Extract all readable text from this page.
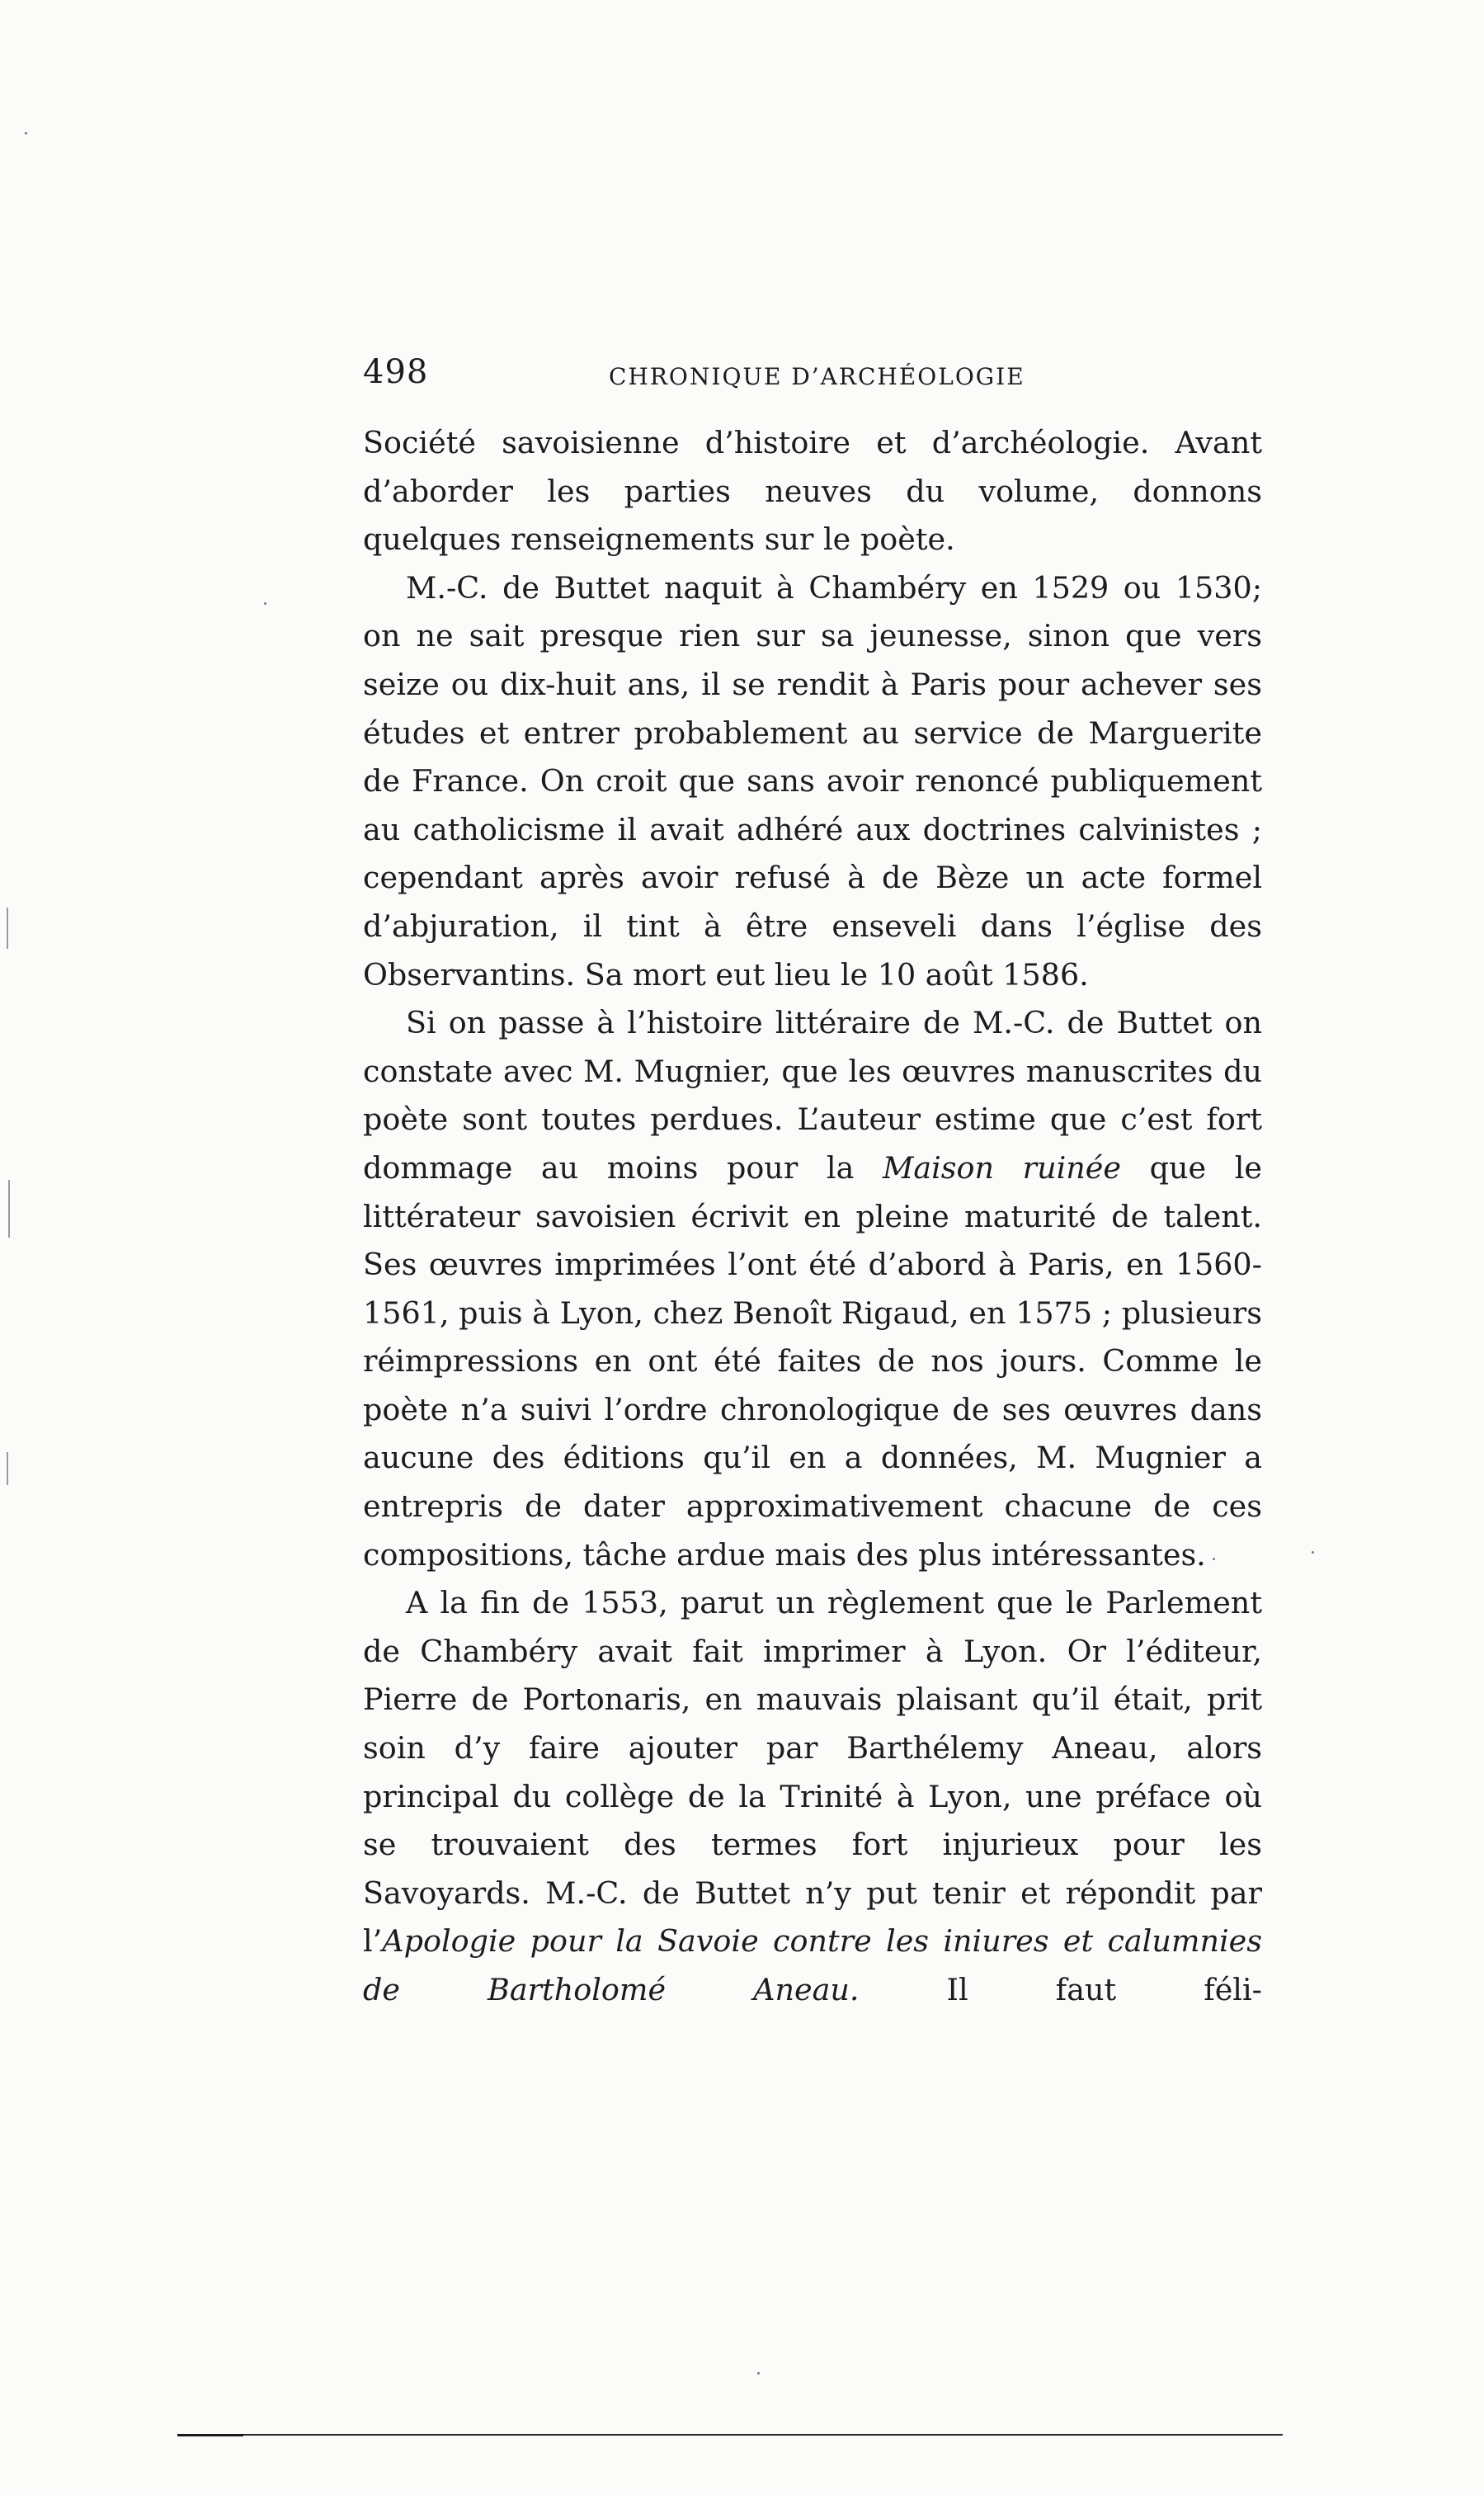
498	CHRONIQUE D’ARCHÉOLOGIE

Société savoisienne d’histoire et d’archéologie. Avant d’aborder les parties neuves du volume, donnons quelques renseignements sur le poète.

M.-C. de Buttet naquit à Chambéry en 1529 ou 1530; on ne sait presque rien sur sa jeunesse, sinon que vers seize ou dix-huit ans, il se rendit à Paris pour achever ses études et entrer probablement au service de Marguerite de France. On croit que sans avoir renoncé publiquement au catholicisme il avait adhéré aux doctrines calvinistes ; cependant après avoir refusé à de Bèze un acte formel d’abjuration, il tint à être enseveli dans l’église des Observantins. Sa mort eut lieu le 10 août 1586.

Si on passe à l’histoire littéraire de M.-C. de Buttet on constate avec M. Mugnier, que les œuvres manuscrites du poète sont toutes perdues. L’auteur estime que c’est fort dommage au moins pour la Maison ruinée que le littérateur savoisien écrivit en pleine maturité de talent. Ses œuvres imprimées l’ont été d’abord à Paris, en 1560-1561, puis à Lyon, chez Benoît Rigaud, en 1575 ; plusieurs réimpressions en ont été faites de nos jours. Comme le poète n’a suivi l’ordre chronologique de ses œuvres dans aucune des éditions qu’il en a données, M. Mugnier a entrepris de dater approximativement chacune de ces compositions, tâche ardue mais des plus intéressantes.

A la fin de 1553, parut un règlement que le Parlement de Chambéry avait fait imprimer à Lyon. Or l’éditeur, Pierre de Portonaris, en mauvais plaisant qu’il était, prit soin d’y faire ajouter par Barthélemy Aneau, alors principal du collège de la Trinité à Lyon, une préface où se trouvaient des termes fort injurieux pour les Savoyards. M.-C. de Buttet n’y put tenir et répondit par l’Apologie pour la Savoie contre les iniures et calumnies de Bartholomé Aneau. Il faut féli-
